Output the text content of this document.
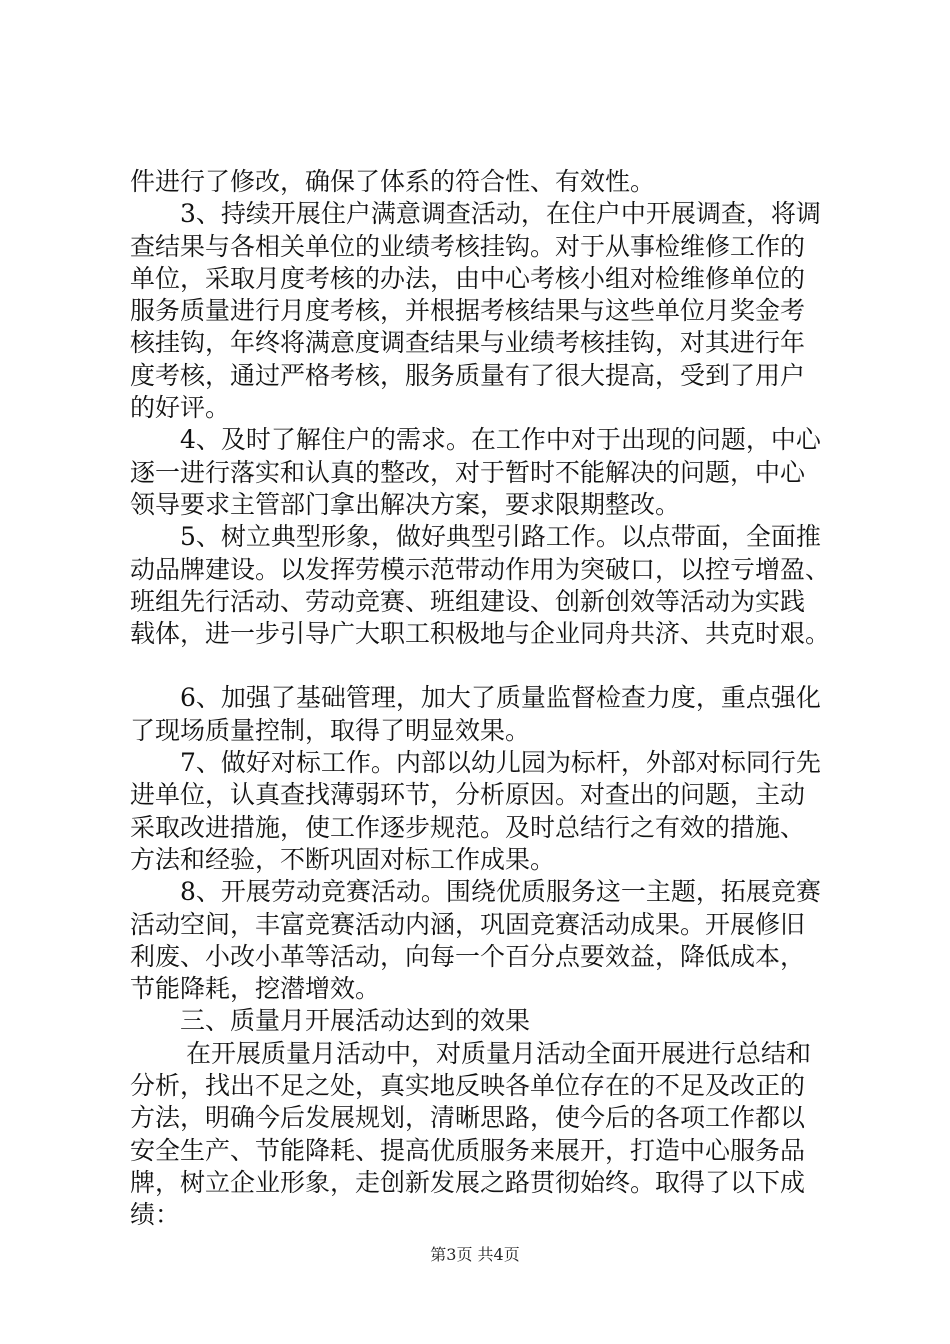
件进行了修改，确保了体系的符合性、有效性。
3、持续开展住户满意调查活动，在住户中开展调查，将调
查结果与各相关单位的业绩考核挂钩。对于从事检维修工作的
单位，采取月度考核的办法，由中心考核小组对检维修单位的
服务质量进行月度考核，并根据考核结果与这些单位月奖金考
核挂钩，年终将满意度调查结果与业绩考核挂钩，对其进行年
度考核，通过严格考核，服务质量有了很大提高，受到了用户
的好评。
4、及时了解住户的需求。在工作中对于出现的问题，中心
逐一进行落实和认真的整改，对于暂时不能解决的问题，中心
领导要求主管部门拿出解决方案，要求限期整改。
5、树立典型形象，做好典型引路工作。以点带面，全面推
动品牌建设。以发挥劳模示范带动作用为突破口，以控亏增盈、
班组先行活动、劳动竞赛、班组建设、创新创效等活动为实践
载体，进一步引导广大职工积极地与企业同舟共济、共克时艰。
6、加强了基础管理，加大了质量监督检查力度，重点强化
了现场质量控制，取得了明显效果。
7、做好对标工作。内部以幼儿园为标杆，外部对标同行先
进单位，认真查找薄弱环节，分析原因。对查出的问题，主动
采取改进措施，使工作逐步规范。及时总结行之有效的措施、
方法和经验，不断巩固对标工作成果。
8、开展劳动竞赛活动。围绕优质服务这一主题，拓展竞赛
活动空间，丰富竞赛活动内涵，巩固竞赛活动成果。开展修旧
利废、小改小革等活动，向每一个百分点要效益，降低成本，
节能降耗，挖潜增效。
三、质量月开展活动达到的效果
在开展质量月活动中，对质量月活动全面开展进行总结和
分析，找出不足之处，真实地反映各单位存在的不足及改正的
方法，明确今后发展规划，清晰思路，使今后的各项工作都以
安全生产、节能降耗、提高优质服务来展开，打造中心服务品
牌，树立企业形象，走创新发展之路贯彻始终。取得了以下成
绩：
第3页 共4页
